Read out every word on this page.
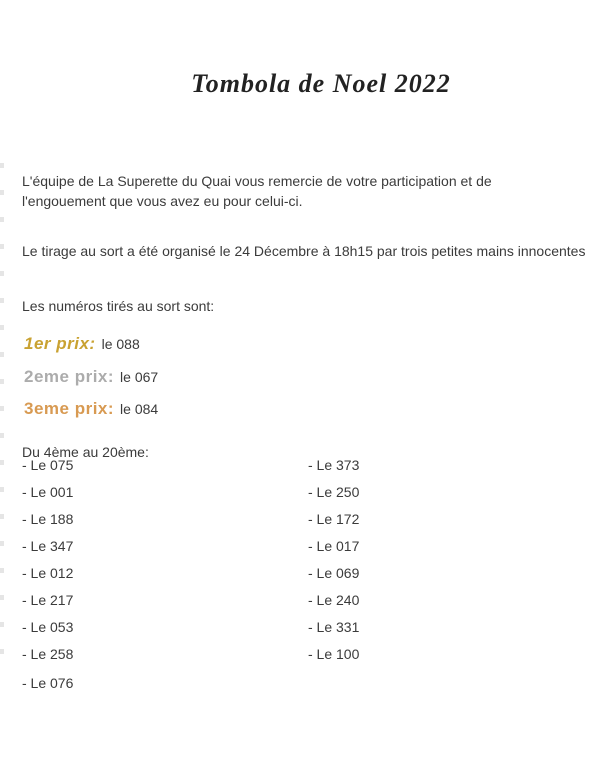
Tombola de Noel 2022

L'équipe de La Superette du Quai vous remercie de votre participation et de l'engouement que vous avez eu pour celui-ci.

Le tirage au sort a été organisé le 24 Décembre à 18h15 par trois petites mains innocentes

Les numéros tirés au sort sont:

1er prix: le 088
2eme prix: le 067
3eme prix: le 084

Du 4ème au 20ème:

- Le 075
- Le 001
- Le 188
- Le 347
- Le 012
- Le 217
- Le 053
- Le 258
- Le 076
- Le 373
- Le 250
- Le 172
- Le 017
- Le 069
- Le 240
- Le 331
- Le 100
